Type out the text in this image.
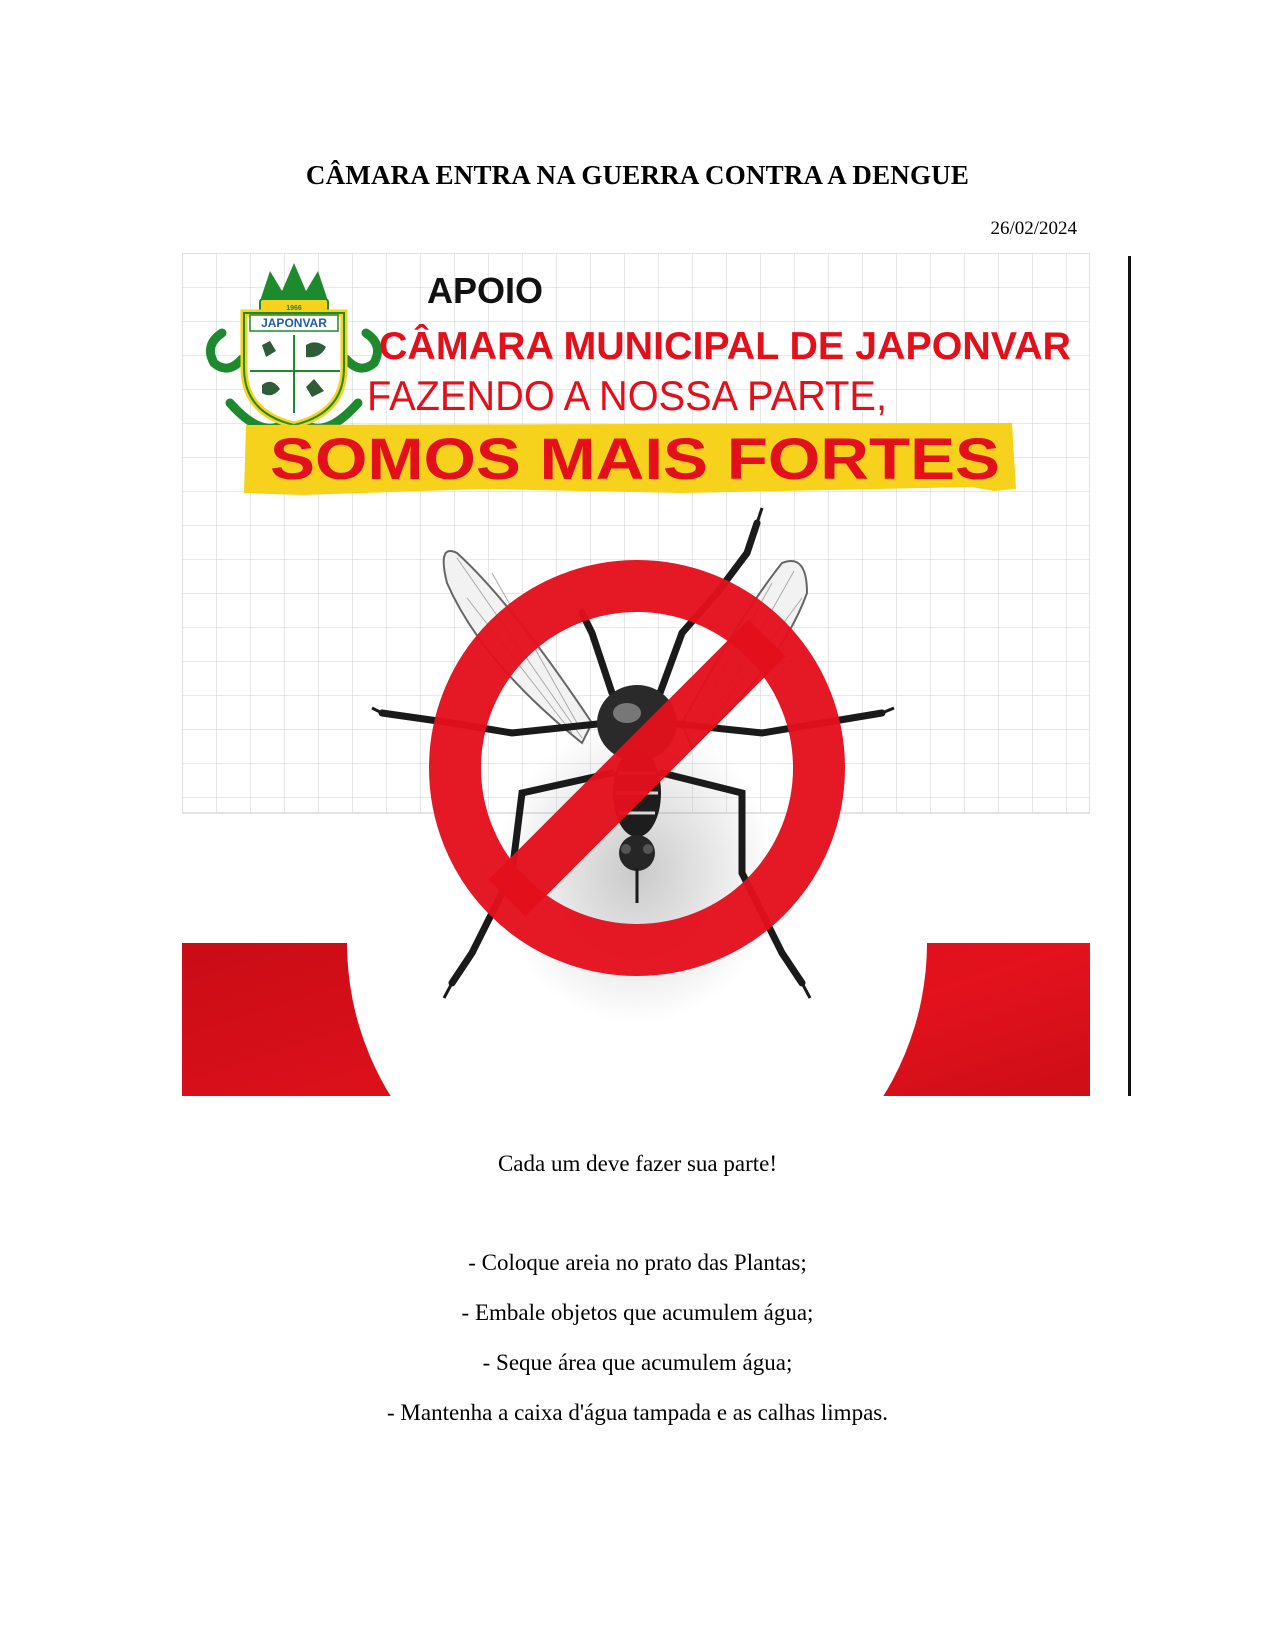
CÂMARA ENTRA NA GUERRA CONTRA A DENGUE
26/02/2024
JAPONVAR
1966	APOIO
CÂMARA MUNICIPAL DE JAPONVAR
FAZENDO A NOSSA PARTE,
SOMOS MAIS FORTES

Cada um deve fazer sua parte!

- Coloque areia no prato das Plantas;

- Embale objetos que acumulem água;

- Seque área que acumulem água;

- Mantenha a caixa d'água tampada e as calhas limpas.
